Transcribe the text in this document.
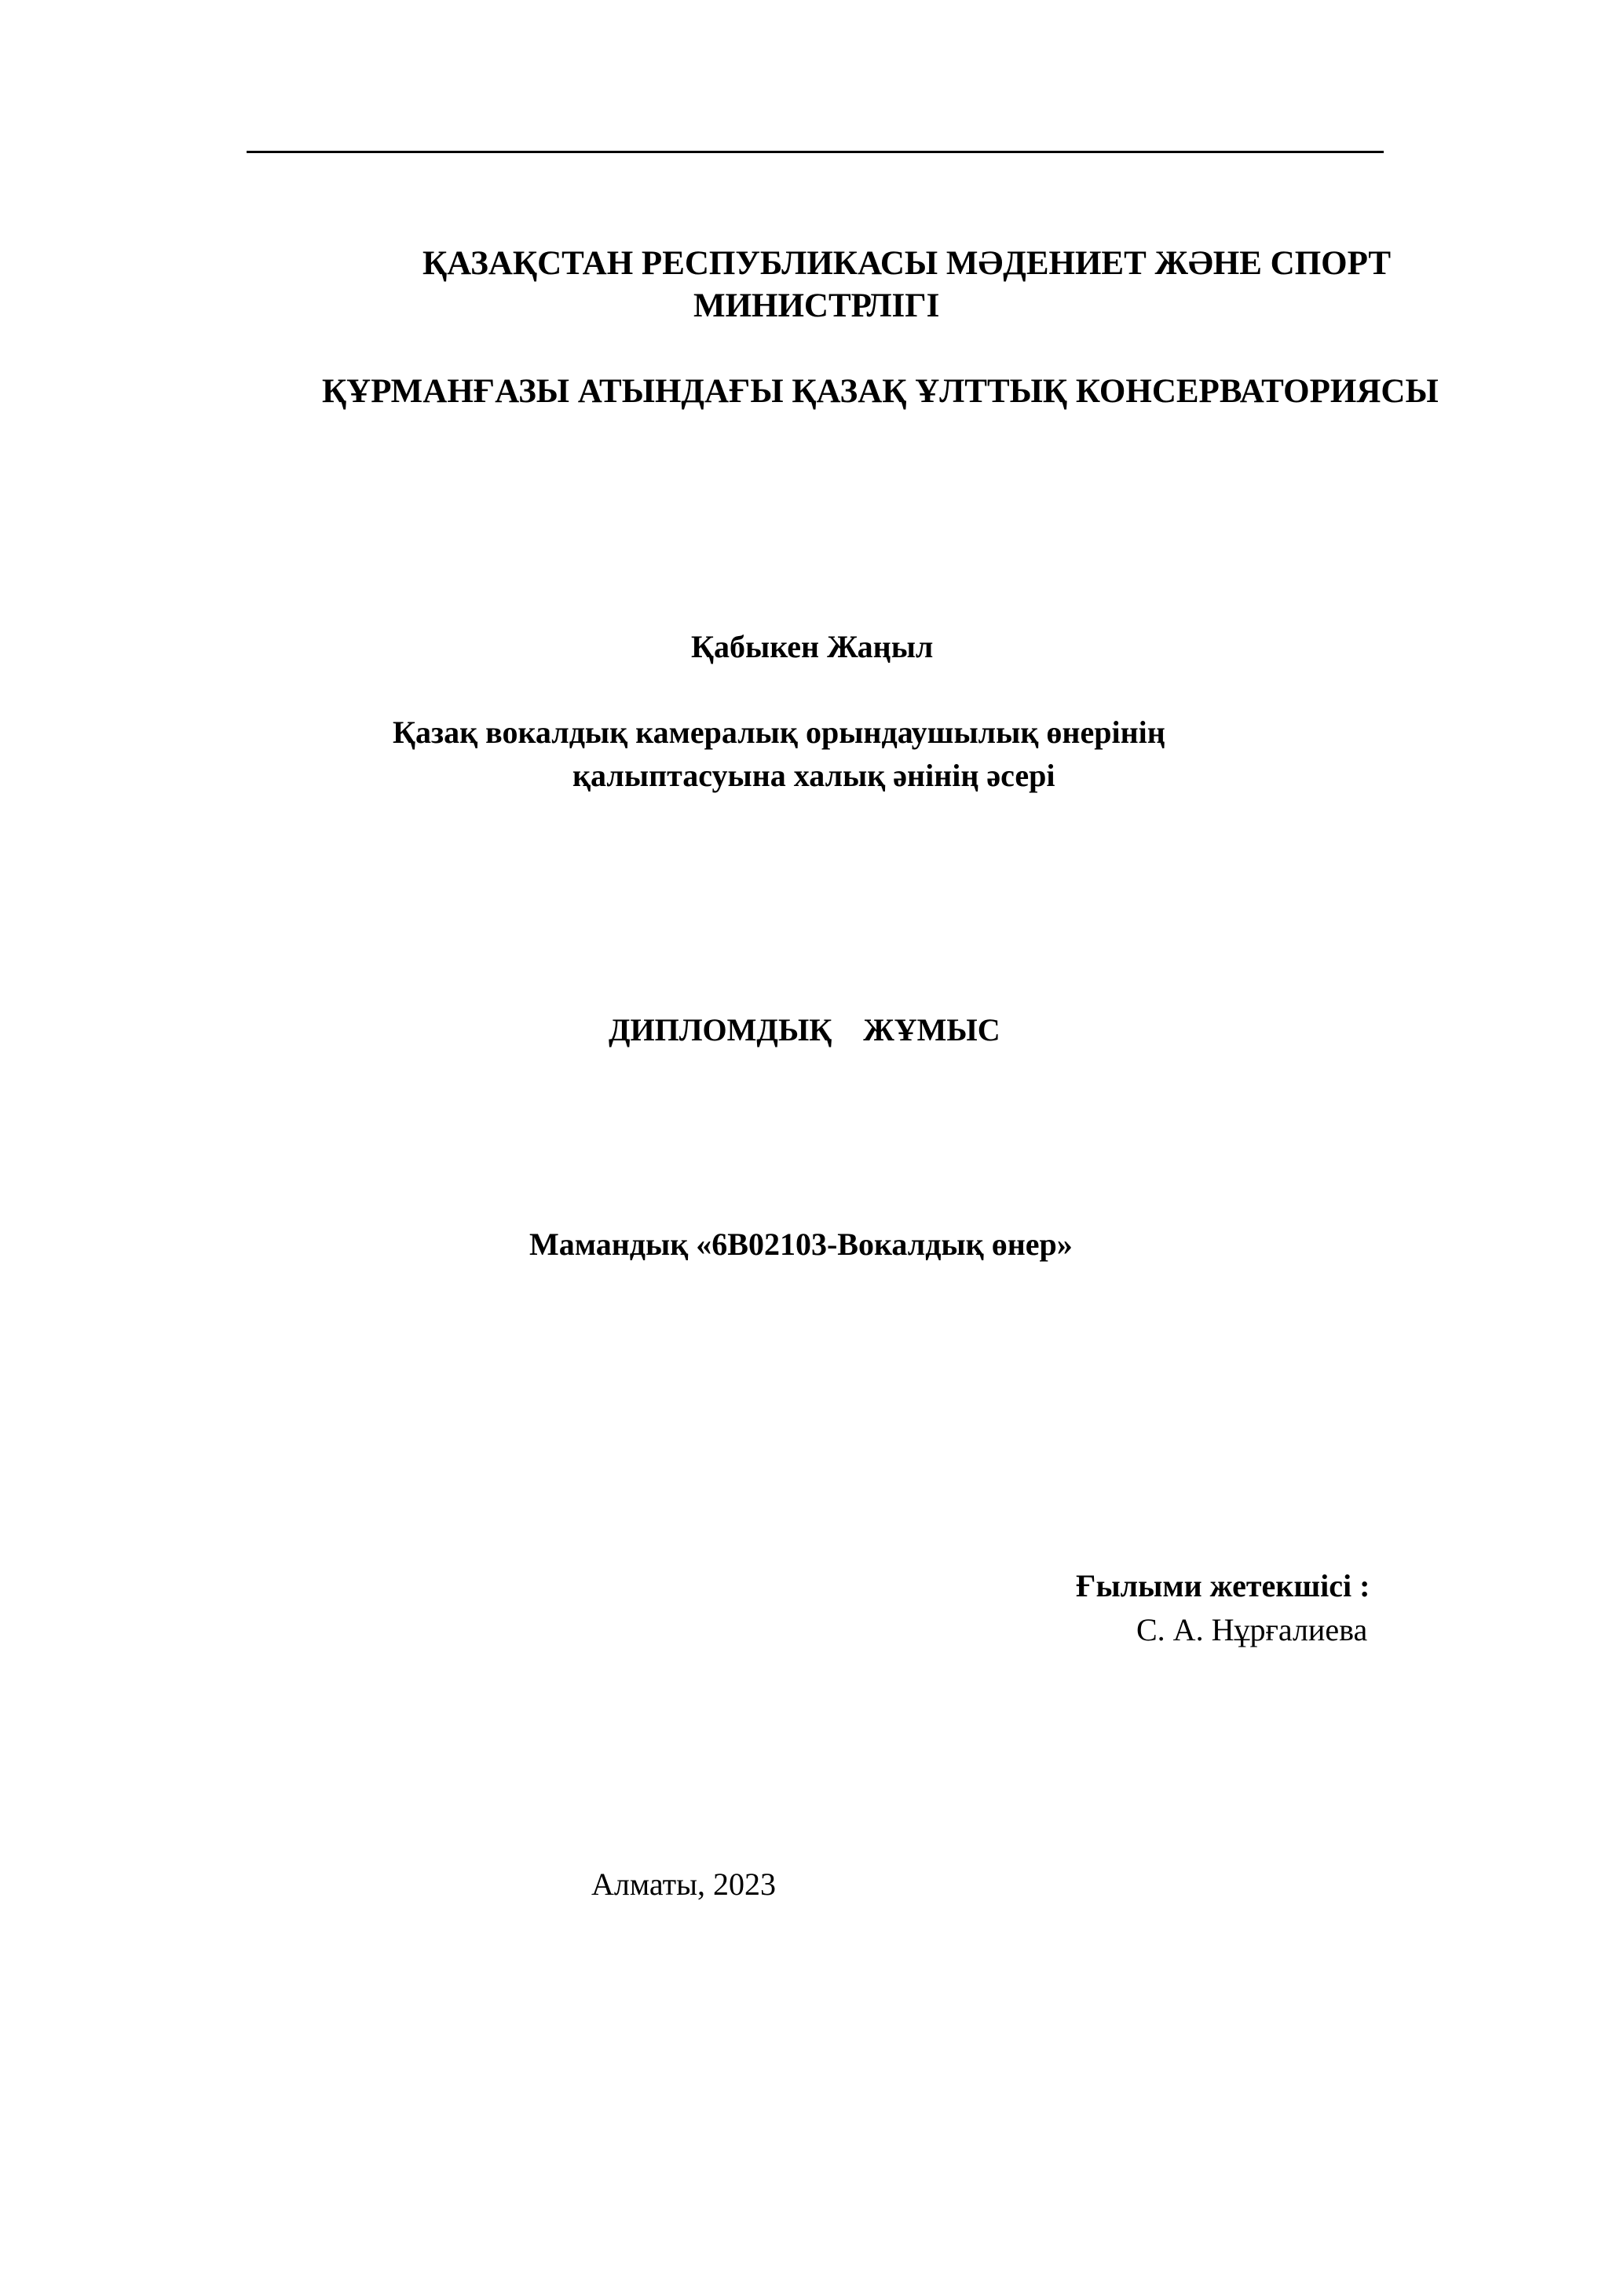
ҚАЗАҚСТАН РЕСПУБЛИКАСЫ МӘДЕНИЕТ ЖӘНЕ СПОРТ
МИНИСТРЛІГІ
ҚҰРМАНҒАЗЫ АТЫНДАҒЫ ҚАЗАҚ ҰЛТТЫҚ КОНСЕРВАТОРИЯСЫ
Қабыкен Жаңыл
Қазақ вокалдық камералық орындаушылық өнерінің
қалыптасуына халық әнінің әсері
ДИПЛОМДЫҚ    ЖҰМЫС
Мамандық «6В02103-Вокалдық өнер»
Ғылыми жетекшісі :
С. А. Нұрғалиева
Алматы, 2023
